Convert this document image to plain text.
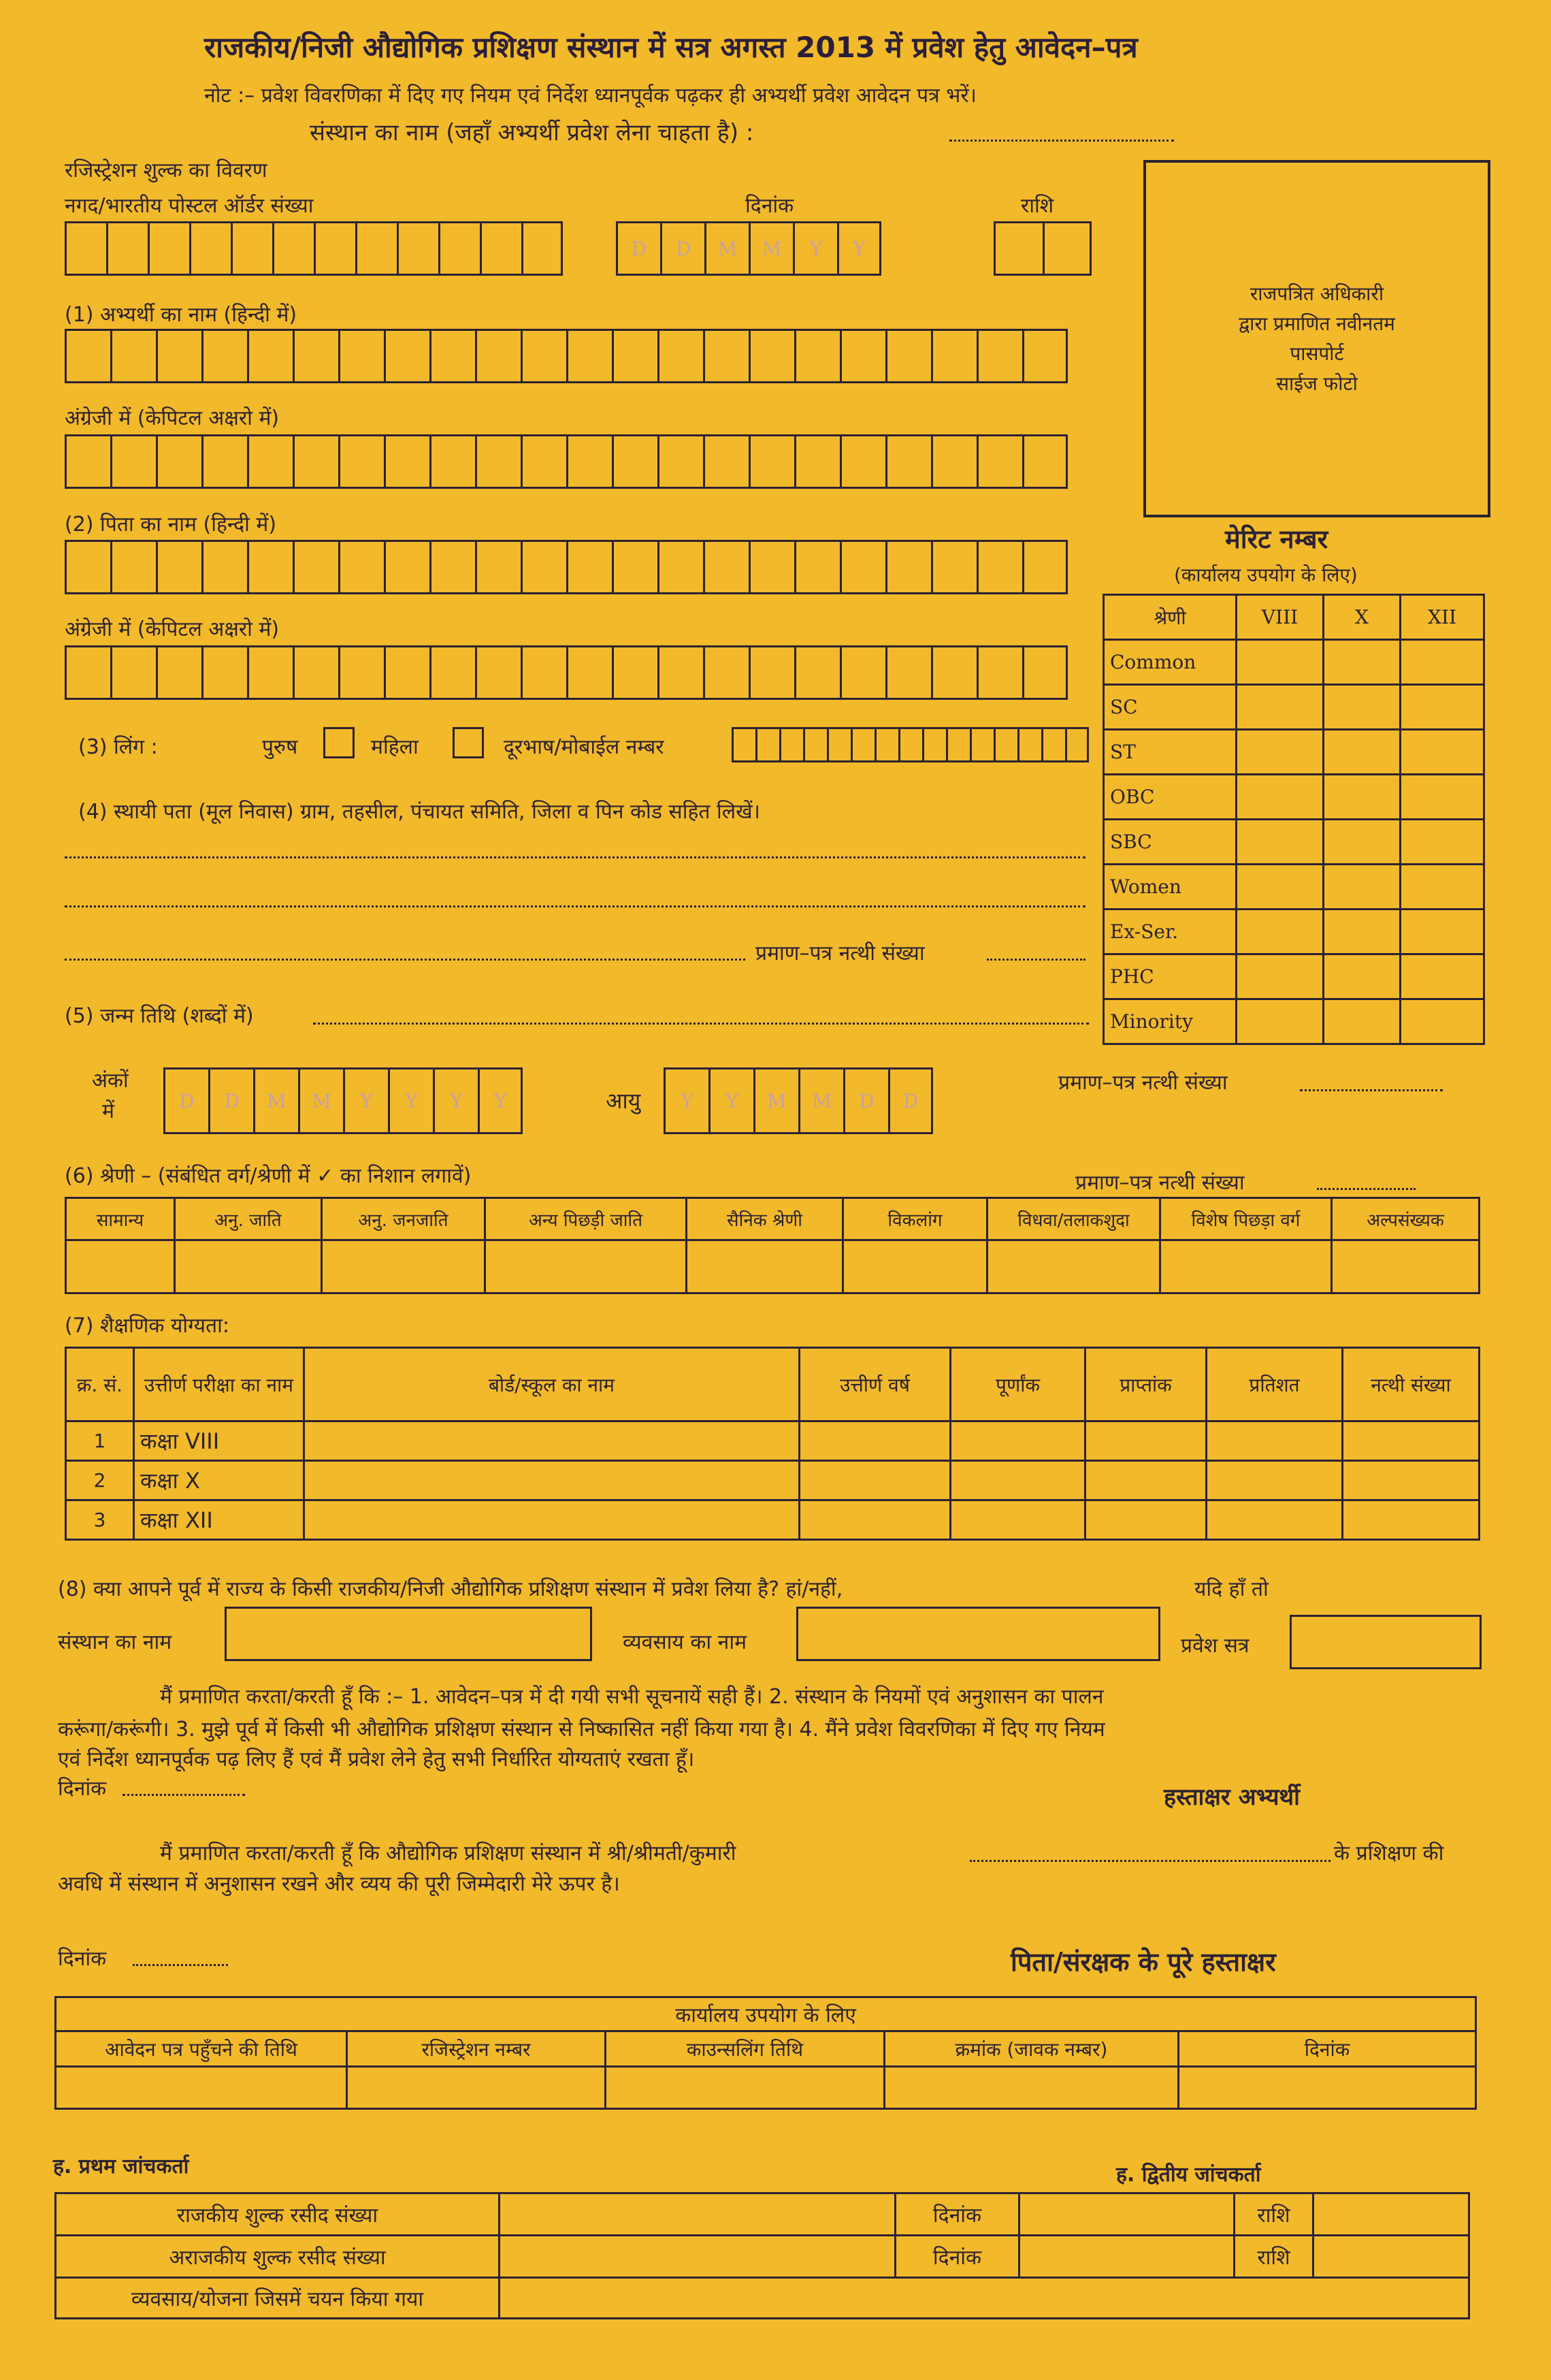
राजकीय/निजी औद्योगिक प्रशिक्षण संस्थान में सत्र अगस्त 2013 में प्रवेश हेतु आवेदन–पत्र
नोट :– प्रवेश विवरणिका में दिए गए नियम एवं निर्देश ध्यानपूर्वक पढ़कर ही अभ्यर्थी प्रवेश आवेदन पत्र भरें।
संस्थान का नाम (जहाँ अभ्यर्थी प्रवेश लेना चाहता है) :
रजिस्ट्रेशन शुल्क का विवरण
नगद/भारतीय पोस्टल ऑर्डर संख्या	दिनांक	राशि
D	D	M	M	Y	Y
राजपत्रित अधिकारी
द्वारा प्रमाणित नवीनतम
पासपोर्ट
साईज फोटो
(1) अभ्यर्थी का नाम (हिन्दी में)
अंग्रेजी में (केपिटल अक्षरो में)
(2) पिता का नाम (हिन्दी में)
अंग्रेजी में (केपिटल अक्षरो में)
मेरिट नम्बर
(कार्यालय उपयोग के लिए)
श्रेणी	VIII	X	XII
Common			
SC			
ST			
OBC			
SBC			
Women			
Ex-Ser.			
PHC			
Minority			
(3) लिंग :	पुरुष	महिला	दूरभाष/मोबाईल नम्बर
(4) स्थायी पता (मूल निवास) ग्राम, तहसील, पंचायत समिति, जिला व पिन कोड सहित लिखें।
प्रमाण–पत्र नत्थी संख्या
(5) जन्म तिथि (शब्दों में)
अंकों
में	D	D	M	M	Y	Y	Y	Y	आयु	Y	Y	M	M	D	D
प्रमाण–पत्र नत्थी संख्या
(6) श्रेणी – (संबंधित वर्ग/श्रेणी में ✓ का निशान लगावें)	प्रमाण–पत्र नत्थी संख्या
सामान्य	अनु. जाति	अनु. जनजाति	अन्य पिछड़ी जाति	सैनिक श्रेणी	विकलांग	विधवा/तलाकशुदा	विशेष पिछड़ा वर्ग	अल्पसंख्यक

(7) शैक्षणिक योग्यता:
क्र. सं.	उत्तीर्ण परीक्षा का नाम	बोर्ड/स्कूल का नाम	उत्तीर्ण वर्ष	पूर्णांक	प्राप्तांक	प्रतिशत	नत्थी संख्या
1	कक्षा VIII						
2	कक्षा X						
3	कक्षा XII						
(8) क्या आपने पूर्व में राज्य के किसी राजकीय/निजी औद्योगिक प्रशिक्षण संस्थान में प्रवेश लिया है? हां/नहीं,	यदि हाँ तो
संस्थान का नाम	व्यवसाय का नाम	प्रवेश सत्र
मैं प्रमाणित करता/करती हूँ कि :– 1. आवेदन–पत्र में दी गयी सभी सूचनायें सही हैं। 2. संस्थान के नियमों एवं अनुशासन का पालन
करूंगा/करूंगी। 3. मुझे पूर्व में किसी भी औद्योगिक प्रशिक्षण संस्थान से निष्कासित नहीं किया गया है। 4. मैंने प्रवेश विवरणिका में दिए गए नियम
एवं निर्देश ध्यानपूर्वक पढ़ लिए हैं एवं मैं प्रवेश लेने हेतु सभी निर्धारित योग्यताएं रखता हूँ।
दिनांक	हस्ताक्षर अभ्यर्थी
मैं प्रमाणित करता/करती हूँ कि औद्योगिक प्रशिक्षण संस्थान में श्री/श्रीमती/कुमारी	के प्रशिक्षण की
अवधि में संस्थान में अनुशासन रखने और व्यय की पूरी जिम्मेदारी मेरे ऊपर है।
दिनांक	पिता/संरक्षक के पूरे हस्ताक्षर
कार्यालय उपयोग के लिए				
आवेदन पत्र पहुँचने की तिथि	रजिस्ट्रेशन नम्बर	काउन्सलिंग तिथि	क्रमांक (जावक नम्बर)	दिनांक

ह. प्रथम जांचकर्ता	ह. द्वितीय जांचकर्ता
राजकीय शुल्क रसीद संख्या		दिनांक		राशि	
अराजकीय शुल्क रसीद संख्या		दिनांक		राशि	
व्यवसाय/योजना जिसमें चयन किया गया					
